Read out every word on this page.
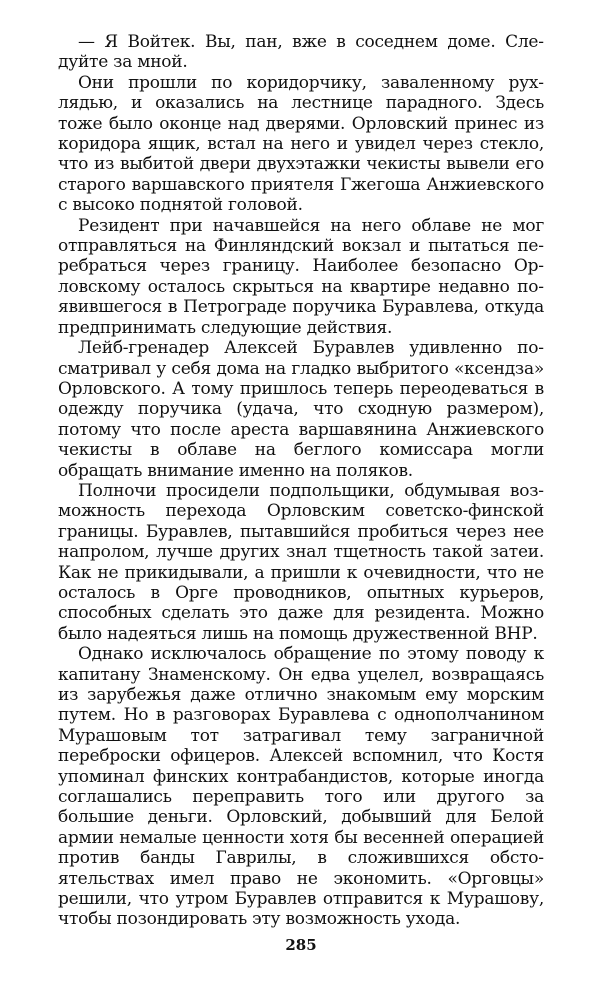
— Я Войтек. Вы, пан, вже в соседнем доме. Следуйте за мной.

Они прошли по коридорчику, заваленному рухлядью, и оказались на лестнице парадного. Здесь тоже было оконце над дверями. Орловский принес из коридора ящик, встал на него и увидел через стекло, что из выбитой двери двухэтажки чекисты вывели его старого варшавского приятеля Гжегоша Анжиевского с высоко поднятой головой.

Резидент при начавшейся на него облаве не мог отправляться на Финляндский вокзал и пытаться перебраться через границу. Наиболее безопасно Орловскому осталось скрыться на квартире недавно появившегося в Петрограде поручика Буравлева, откуда предпринимать следующие действия.

Лейб-гренадер Алексей Буравлев удивленно посматривал у себя дома на гладко выбритого «ксендза» Орловского. А тому пришлось теперь переодеваться в одежду поручика (удача, что сходную размером), потому что после ареста варшавянина Анжиевского чекисты в облаве на беглого комиссара могли обращать внимание именно на поляков.

Полночи просидели подпольщики, обдумывая возможность перехода Орловским советско-финской границы. Буравлев, пытавшийся пробиться через нее напролом, лучше других знал тщетность такой затеи. Как не прикидывали, а пришли к очевидности, что не осталось в Орге проводников, опытных курьеров, способных сделать это даже для резидента. Можно было надеяться лишь на помощь дружественной ВНР.

Однако исключалось обращение по этому поводу к капитану Знаменскому. Он едва уцелел, возвращаясь из зарубежья даже отлично знакомым ему морским путем. Но в разговорах Буравлева с однополчанином Мурашовым тот затрагивал тему заграничной переброски офицеров. Алексей вспомнил, что Костя упоминал финских контрабандистов, которые иногда соглашались переправить того или другого за большие деньги. Орловский, добывший для Белой армии немалые ценности хотя бы весенней операцией против банды Гаврилы, в сложившихся обстоятельствах имел право не экономить. «Орговцы» решили, что утром Буравлев отправится к Мурашову, чтобы позондировать эту возможность ухода.

285
